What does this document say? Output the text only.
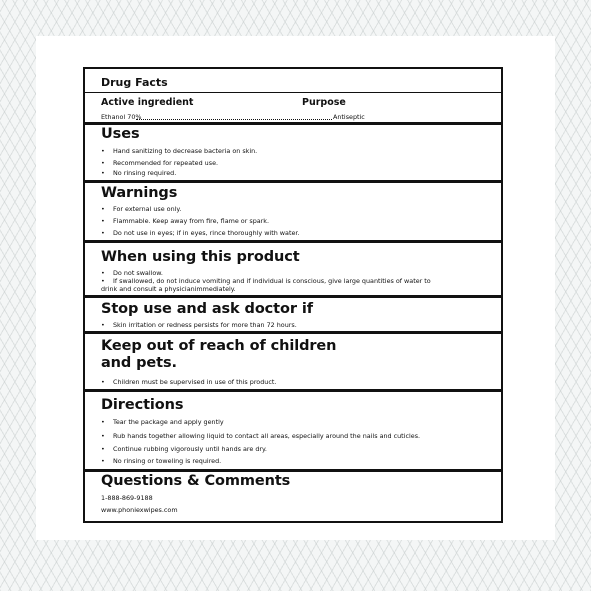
Drug Facts
Active ingredient	Purpose
Ethanol 70%	Antiseptic
Uses
• Hand sanitizing to decrease bacteria on skin.
• Recommended for repeated use.
• No rinsing required.
Warnings
• For external use only.
• Flammable. Keep away from fire, flame or spark.
• Do not use in eyes; if in eyes, rince thoroughly with water.
When using this product
• Do not swallow.
• If swallowed, do not induce vomiting and if individual is conscious, give large quantities of water to
drink and consult a physicianimmediately.
Stop use and ask doctor if
• Skin irritation or redness persists for more than 72 hours.
Keep out of reach of children
and pets.
• Children must be supervised in use of this product.
Directions
• Tear the package and apply gently
• Rub hands together allowing liquid to contact all areas, especially around the nails and cuticles.
• Continue rubbing vigorously until hands are dry.
• No rinsing or toweling is required.
Questions & Comments
1-888-869-9188
www.phoniexwipes.com
